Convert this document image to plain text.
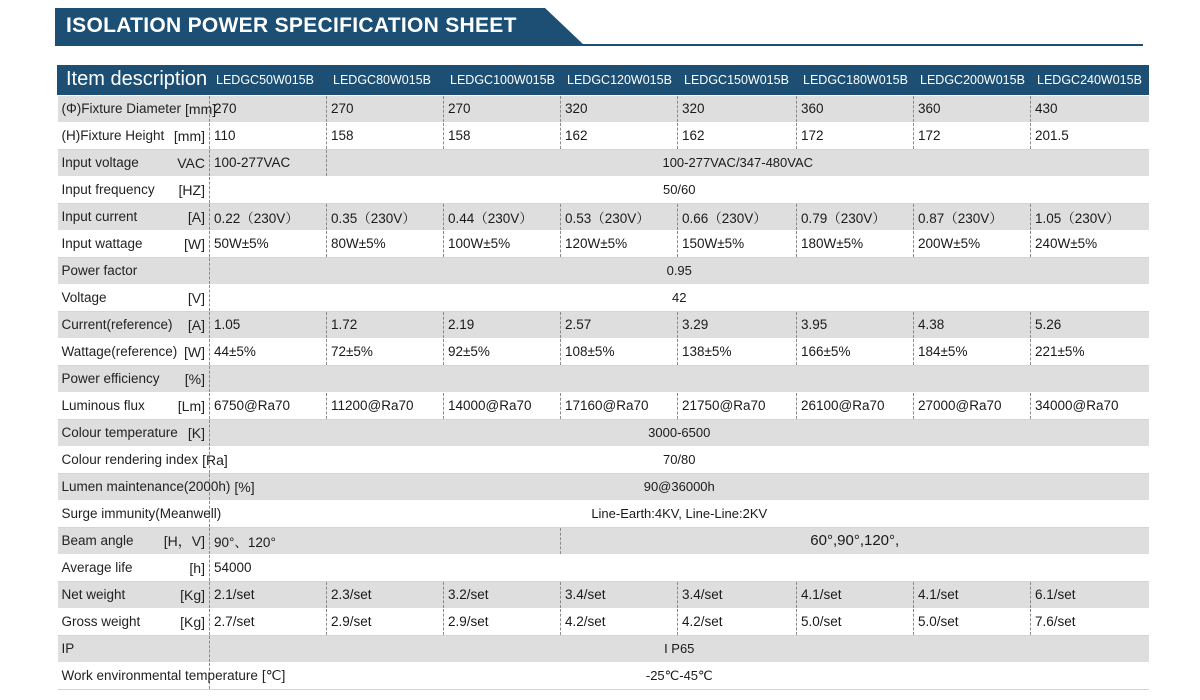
ISOLATION POWER SPECIFICATION SHEET
Item description	LEDGC50W015B	LEDGC80W015B	LEDGC100W015B	LEDGC120W015B	LEDGC150W015B	LEDGC180W015B	LEDGC200W015B	LEDGC240W015B

(Φ)Fixture Diameter [mm]	270	270	270	320	320	360	360	430

(H)Fixture Height [mm]	110	158	158	162	162	172	172	201.5

Input voltage VAC	100-277VAC	100-277VAC/347-480VAC						

Input frequency [HZ]	50/60							

Input current [A]	0.22（230V）	0.35（230V）	0.44（230V）	0.53（230V）	0.66（230V）	0.79（230V）	0.87（230V）	1.05（230V）

Input wattage [W]	50W±5%	80W±5%	100W±5%	120W±5%	150W±5%	180W±5%	200W±5%	240W±5%

Power factor	0.95							

Voltage [V]	42							

Current(reference) [A]	1.05	1.72	2.19	2.57	3.29	3.95	4.38	5.26

Wattage(reference) [W]	44±5%	72±5%	92±5%	108±5%	138±5%	166±5%	184±5%	221±5%

Power efficiency [%]								

Luminous flux [Lm]	6750@Ra70	11200@Ra70	14000@Ra70	17160@Ra70	21750@Ra70	26100@Ra70	27000@Ra70	34000@Ra70

Colour temperature [K]	3000-6500							

Colour rendering index [Ra]	70/80							

Lumen maintenance(2000h) [%]	90@36000h							

Surge immunity(Meanwell)	Line-Earth:4KV, Line-Line:2KV							

Beam angle [H，V]	90°、120°			60°,90°,120°,				

Average life [h]	54000							

Net weight [Kg]	2.1/set	2.3/set	3.2/set	3.4/set	3.4/set	4.1/set	4.1/set	6.1/set

Gross weight [Kg]	2.7/set	2.9/set	2.9/set	4.2/set	4.2/set	5.0/set	5.0/set	7.6/set

IP	I P65							

Work environmental temperature [℃]	-25℃-45℃							
